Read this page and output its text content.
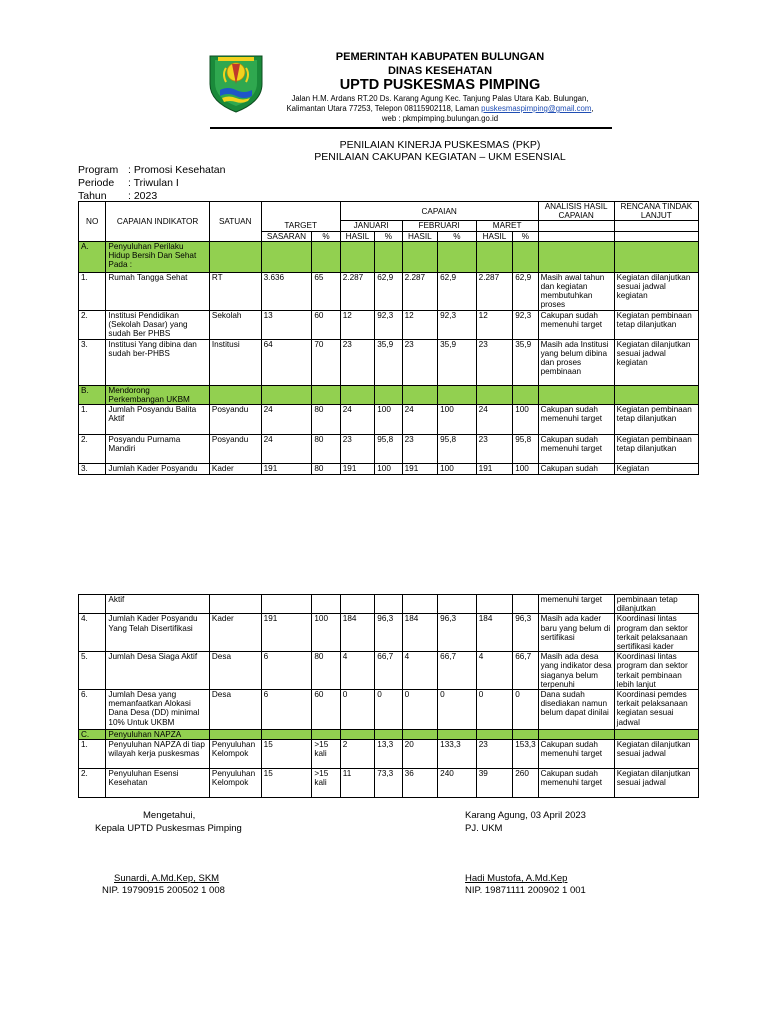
PEMERINTAH KABUPATEN BULUNGAN
DINAS KESEHATAN
UPTD PUSKESMAS PIMPING
Jalan H.M. Ardans RT.20 Ds. Karang Agung Kec. Tanjung Palas Utara Kab. Bulungan,
Kalimantan Utara 77253, Telepon 08115902118, Laman puskesmaspimping@gmail.com,
web : pkmpimping.bulungan.go.id
PENILAIAN KINERJA PUSKESMAS (PKP)
PENILAIAN CAKUPAN KEGIATAN – UKM ESENSIAL
Program : Promosi Kesehatan
Periode : Triwulan I
Tahun : 2023
NO	CAPAIAN INDIKATOR	SATUAN	TARGET		CAPAIAN						ANALISIS HASIL CAPAIAN	RENCANA TINDAK LANJUT
					JANUARI		FEBRUARI		MARET			
			SASARAN	%	HASIL	%	HASIL	%	HASIL	%		
A.	Penyuluhan Perilaku Hidup Bersih Dan Sehat Pada :											
1.	Rumah Tangga Sehat	RT	3.636	65	2.287	62,9	2.287	62,9	2.287	62,9	Masih awal tahun dan kegiatan membutuhkan proses	Kegiatan dilanjutkan sesuai jadwal kegiatan
2.	Institusi Pendidikan (Sekolah Dasar) yang sudah Ber PHBS	Sekolah	13	60	12	92,3	12	92,3	12	92,3	Cakupan sudah memenuhi target	Kegiatan pembinaan tetap dilanjutkan
3.	Institusi Yang dibina dan sudah ber-PHBS	Institusi	64	70	23	35,9	23	35,9	23	35,9	Masih ada Institusi yang belum dibina dan proses pembinaan	Kegiatan dilanjutkan sesuai jadwal kegiatan
B.	Mendorong Perkembangan UKBM											
1.	Jumlah Posyandu Balita Aktif	Posyandu	24	80	24	100	24	100	24	100	Cakupan sudah memenuhi target	Kegiatan pembinaan tetap dilanjutkan
2.	Posyandu Purnama Mandiri	Posyandu	24	80	23	95,8	23	95,8	23	95,8	Cakupan sudah memenuhi target	Kegiatan pembinaan tetap dilanjutkan
3.	Jumlah Kader Posyandu	Kader	191	80	191	100	191	100	191	100	Cakupan sudah	Kegiatan
	Aktif										memenuhi target	pembinaan tetap dilanjutkan
4.	Jumlah Kader Posyandu Yang Telah Disertifikasi	Kader	191	100	184	96,3	184	96,3	184	96,3	Masih ada kader baru yang belum di sertifikasi	Koordinasi lintas program dan sektor terkait pelaksanaan sertifikasi kader
5.	Jumlah Desa Siaga Aktif	Desa	6	80	4	66,7	4	66,7	4	66,7	Masih ada desa yang indikator desa siaganya belum terpenuhi	Koordinasi lintas program dan sektor terkait pembinaan lebih lanjut
6.	Jumlah Desa yang memanfaatkan Alokasi Dana Desa (DD) minimal 10% Untuk UKBM	Desa	6	60	0	0	0	0	0	0	Dana sudah disediakan namun belum dapat dinilai	Koordinasi pemdes terkait pelaksanaan kegiatan sesuai jadwal
C.	Penyuluhan NAPZA											
1.	Penyuluhan NAPZA di tiap wilayah kerja puskesmas	Penyuluhan Kelompok	15	>15 kali	2	13,3	20	133,3	23	153,3	Cakupan sudah memenuhi target	Kegiatan dilanjutkan sesuai jadwal
2.	Penyuluhan Esensi Kesehatan	Penyuluhan Kelompok	15	>15 kali	11	73,3	36	240	39	260	Cakupan sudah memenuhi target	Kegiatan dilanjutkan sesuai jadwal
Mengetahui,
Kepala UPTD Puskesmas Pimping
Sunardi, A.Md.Kep, SKM
NIP. 19790915 200502 1 008
Karang Agung, 03 April 2023
PJ. UKM
Hadi Mustofa, A.Md.Kep
NIP. 19871111 200902 1 001
